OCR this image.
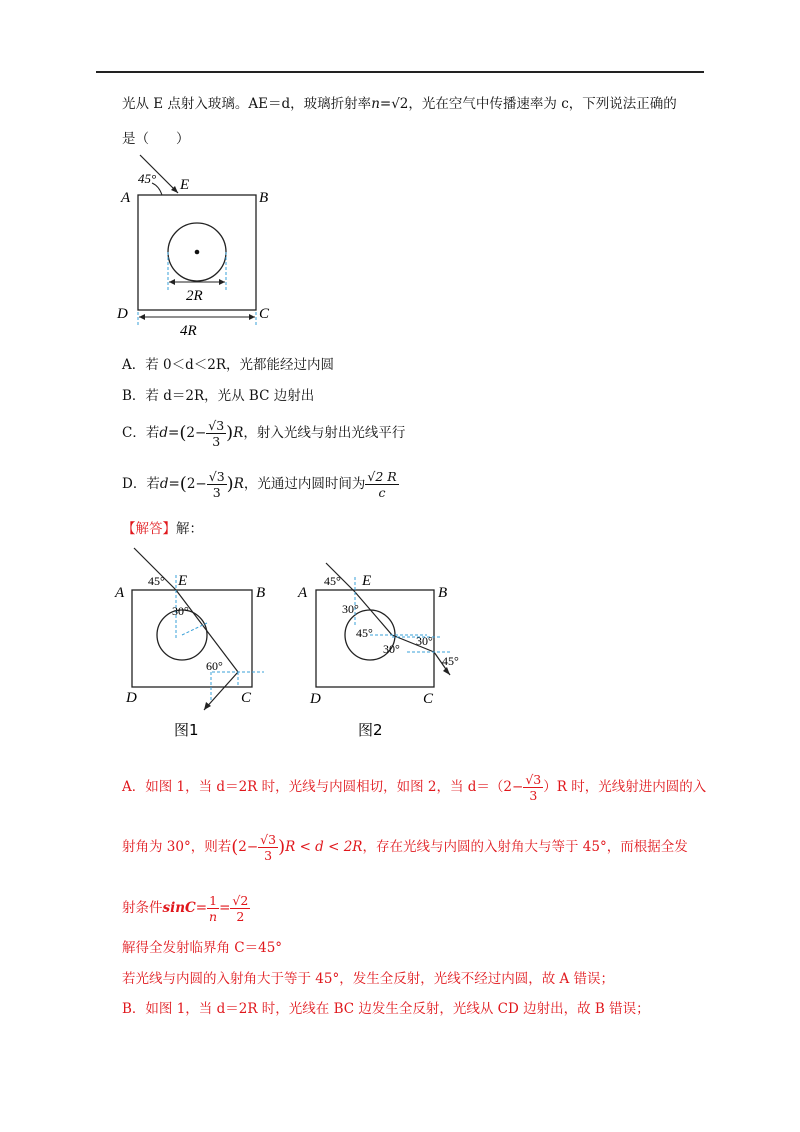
光从 E 点射入玻璃。AE＝d，玻璃折射率n=√2，光在空气中传播速率为 c，下列说法正确的
是（　　）
45° E
A	B
D	C
2R
4R
A．若 0＜d＜2R，光都能经过内圆
B．若 d＝2R，光从 BC 边射出
C．若$d=(2- \frac{√3}{3} )R$，射入光线与射出光线平行
D．若$d=(2- \frac{√3}{3} )R$，光通过内圆时间为 $\frac{√2 R}{c}$
【解答】解：
45° E
A	B
30°
60°
D	C
图1
45° E
A	B
30°
45°
30°
30°
45°
D	C
图2
A．如图 1，当 d＝2R 时，光线与内圆相切，如图 2，当 $d=(2- \frac{√3}{3} )R$ 时，光线射进内圆的入
射角为 30°，则若$(2- \frac{√3}{3} )R < d < 2R$，存在光线与内圆的入射角大与等于 45°，而根据全发
射条件$\sin C= \frac{1}{n} = \frac{√2}{2}$
解得全发射临界角 C＝45°
若光线与内圆的入射角大于等于 45°，发生全反射，光线不经过内圆，故 A 错误；
B．如图 1，当 d＝2R 时，光线在 BC 边发生全反射，光线从 CD 边射出，故 B 错误；
